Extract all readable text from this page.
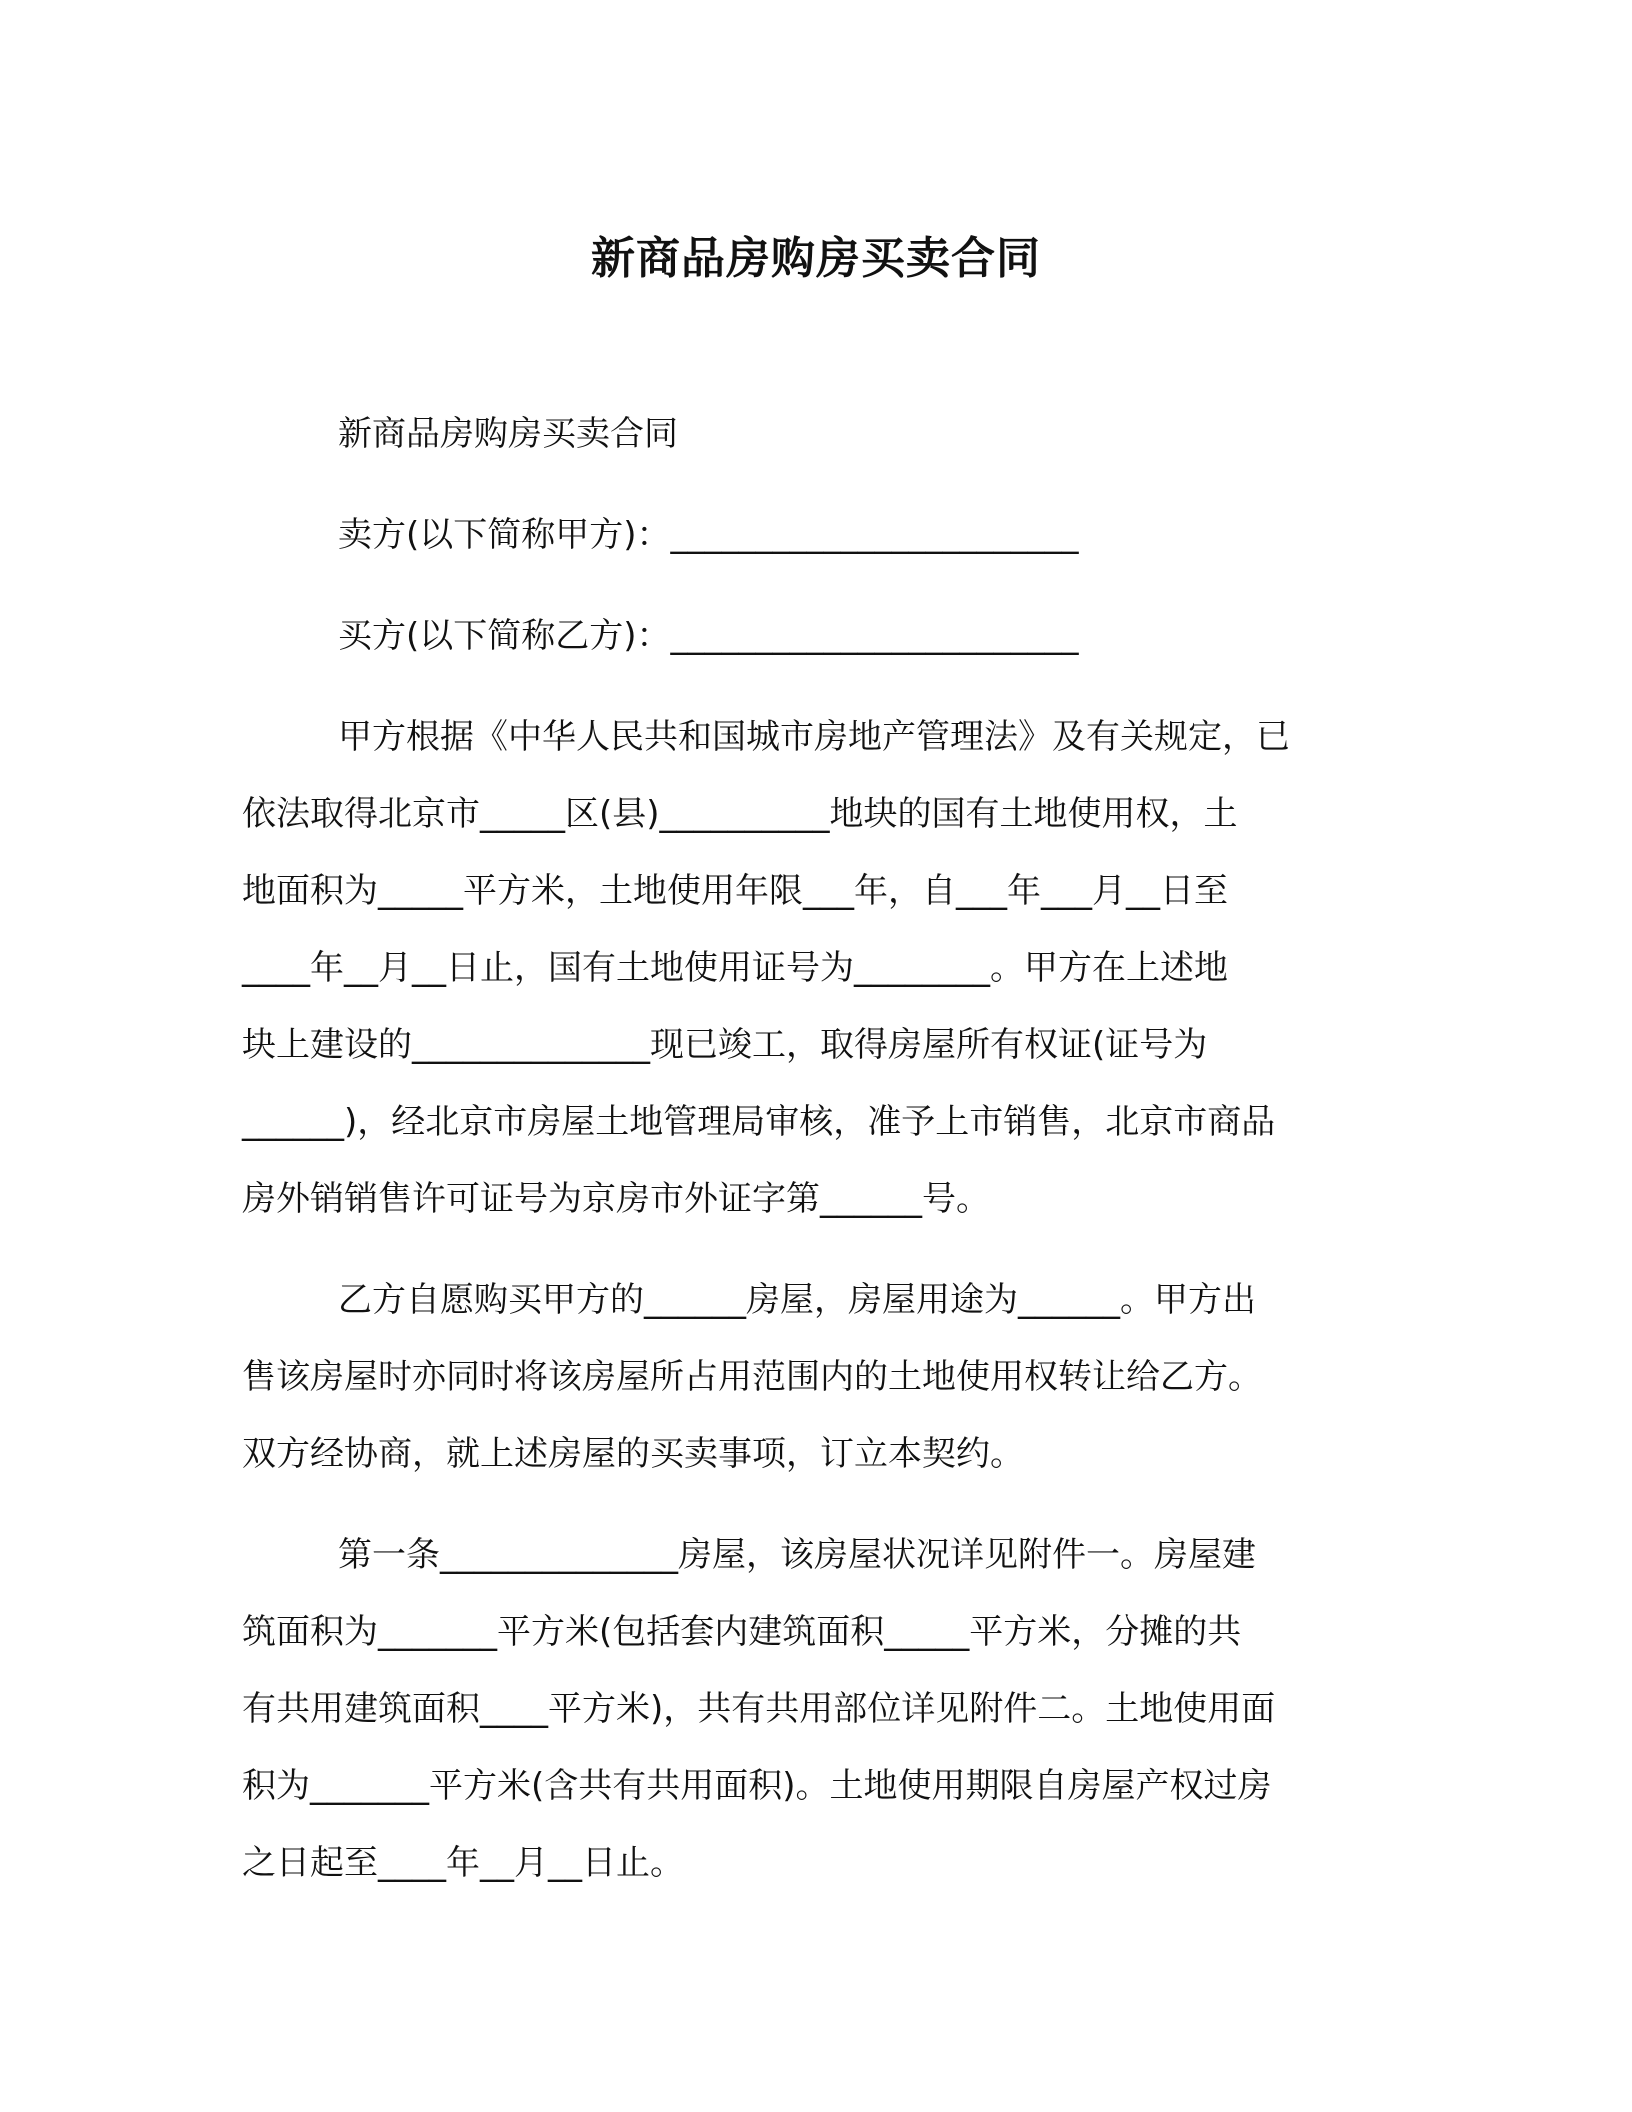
新商品房购房买卖合同

新商品房购房买卖合同

卖方(以下简称甲方)：________________________

买方(以下简称乙方)：________________________

甲方根据《中华人民共和国城市房地产管理法》及有关规定，已

依法取得北京市_____区(县)__________地块的国有土地使用权，土

地面积为_____平方米，土地使用年限___年，自___年___月__日至

____年__月__日止，国有土地使用证号为________。甲方在上述地

块上建设的______________现已竣工，取得房屋所有权证(证号为

______)，经北京市房屋土地管理局审核，准予上市销售，北京市商品

房外销销售许可证号为京房市外证字第______号。

乙方自愿购买甲方的______房屋，房屋用途为______。甲方出

售该房屋时亦同时将该房屋所占用范围内的土地使用权转让给乙方。

双方经协商，就上述房屋的买卖事项，订立本契约。

第一条______________房屋，该房屋状况详见附件一。房屋建

筑面积为_______平方米(包括套内建筑面积_____平方米，分摊的共

有共用建筑面积____平方米)，共有共用部位详见附件二。土地使用面

积为_______平方米(含共有共用面积)。土地使用期限自房屋产权过房

之日起至____年__月__日止。
